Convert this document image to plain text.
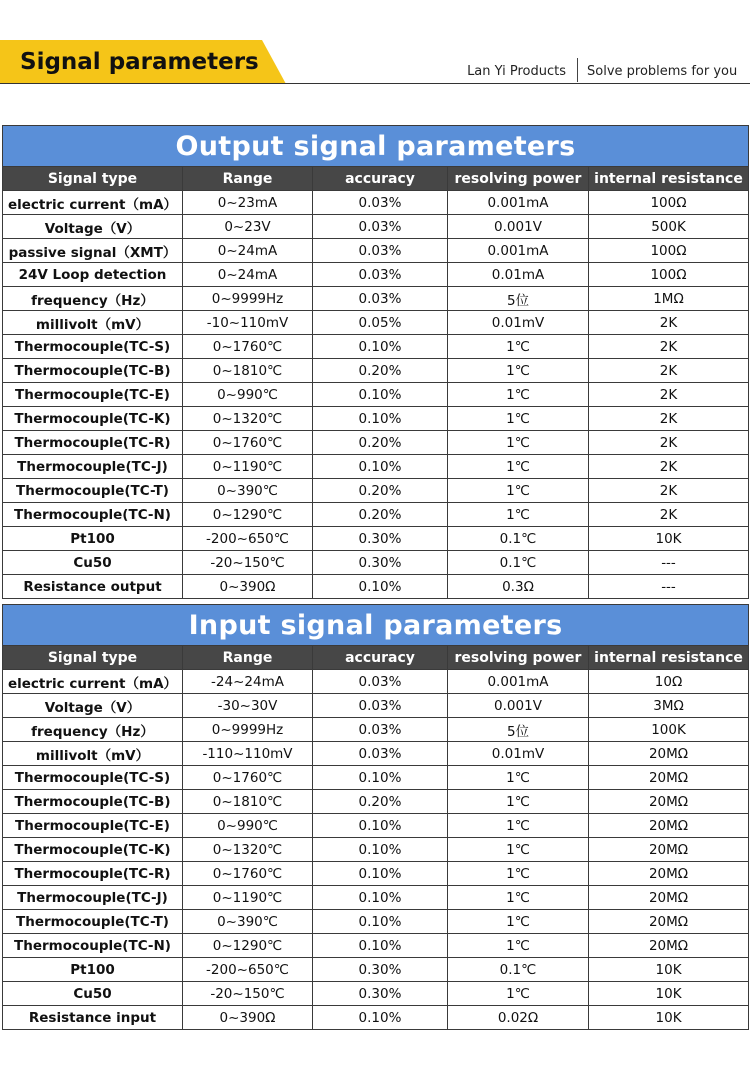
Signal parameters	Lan Yi Products Solve problems for you
Output signal parameters				
Signal type	Range	accuracy	resolving power	internal resistance
electric current（mA）	0~23mA	0.03%	0.001mA	100Ω
Voltage（V）	0~23V	0.03%	0.001V	500K
passive signal（XMT）	0~24mA	0.03%	0.001mA	100Ω
24V Loop detection	0~24mA	0.03%	0.01mA	100Ω
frequency（Hz）	0~9999Hz	0.03%	5位	1MΩ
millivolt（mV）	-10~110mV	0.05%	0.01mV	2K
Thermocouple(TC-S)	0~1760℃	0.10%	1℃	2K
Thermocouple(TC-B)	0~1810℃	0.20%	1℃	2K
Thermocouple(TC-E)	0~990℃	0.10%	1℃	2K
Thermocouple(TC-K)	0~1320℃	0.10%	1℃	2K
Thermocouple(TC-R)	0~1760℃	0.20%	1℃	2K
Thermocouple(TC-J)	0~1190℃	0.10%	1℃	2K
Thermocouple(TC-T)	0~390℃	0.20%	1℃	2K
Thermocouple(TC-N)	0~1290℃	0.20%	1℃	2K
Pt100	-200~650℃	0.30%	0.1℃	10K
Cu50	-20~150℃	0.30%	0.1℃	---
Resistance output	0~390Ω	0.10%	0.3Ω	---
Input signal parameters				
Signal type	Range	accuracy	resolving power	internal resistance
electric current（mA）	-24~24mA	0.03%	0.001mA	10Ω
Voltage（V）	-30~30V	0.03%	0.001V	3MΩ
frequency（Hz）	0~9999Hz	0.03%	5位	100K
millivolt（mV）	-110~110mV	0.03%	0.01mV	20MΩ
Thermocouple(TC-S)	0~1760℃	0.10%	1℃	20MΩ
Thermocouple(TC-B)	0~1810℃	0.20%	1℃	20MΩ
Thermocouple(TC-E)	0~990℃	0.10%	1℃	20MΩ
Thermocouple(TC-K)	0~1320℃	0.10%	1℃	20MΩ
Thermocouple(TC-R)	0~1760℃	0.10%	1℃	20MΩ
Thermocouple(TC-J)	0~1190℃	0.10%	1℃	20MΩ
Thermocouple(TC-T)	0~390℃	0.10%	1℃	20MΩ
Thermocouple(TC-N)	0~1290℃	0.10%	1℃	20MΩ
Pt100	-200~650℃	0.30%	0.1℃	10K
Cu50	-20~150℃	0.30%	1℃	10K
Resistance input	0~390Ω	0.10%	0.02Ω	10K
